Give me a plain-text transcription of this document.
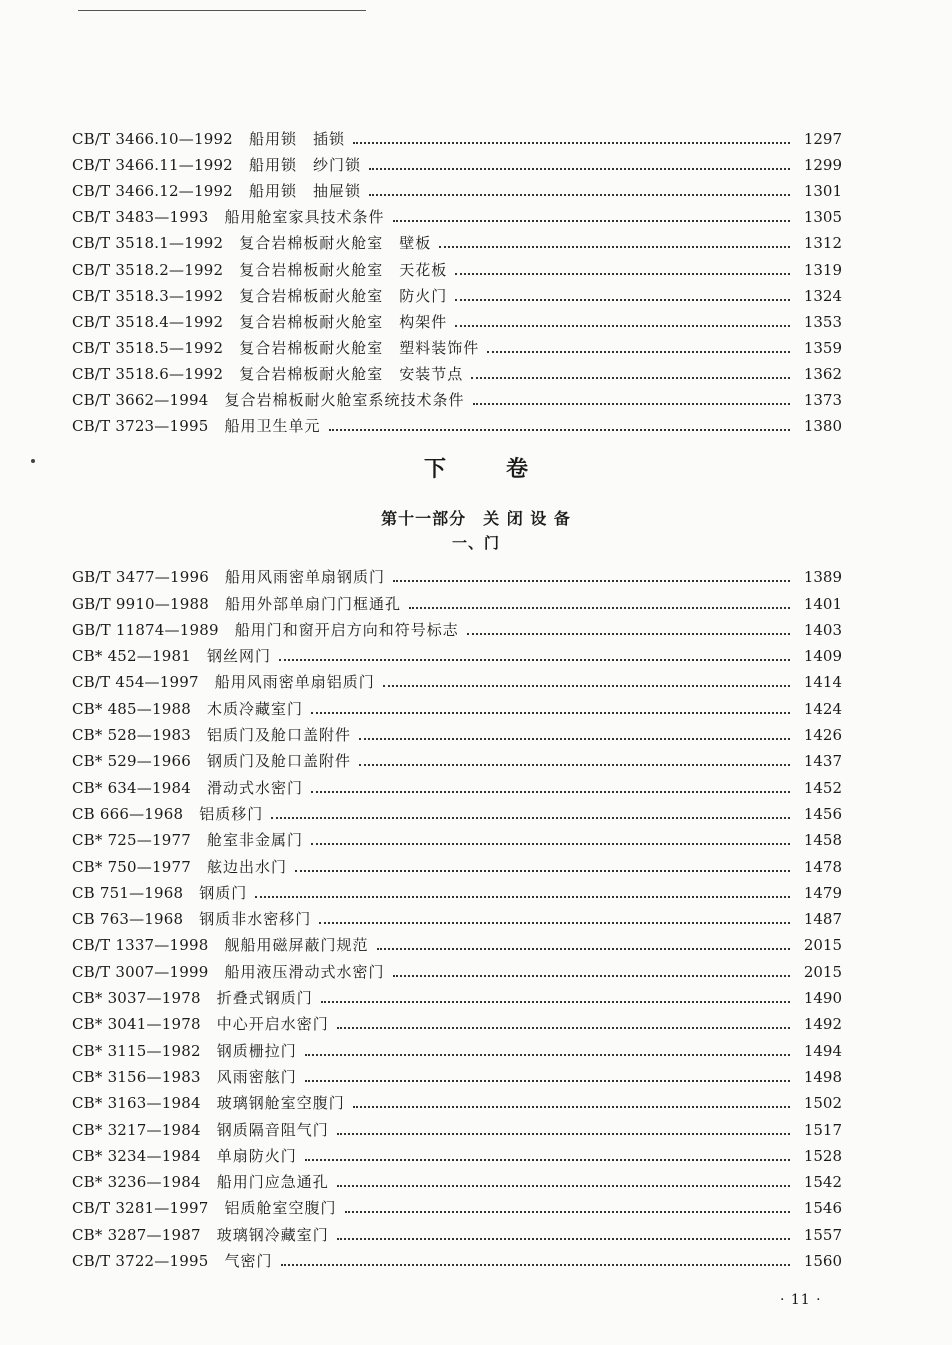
CB/T 3466.10—1992 船用锁　插锁	1297
CB/T 3466.11—1992 船用锁　纱门锁	1299
CB/T 3466.12—1992 船用锁　抽屉锁	1301
CB/T 3483—1993 船用舱室家具技术条件	1305
CB/T 3518.1—1992 复合岩棉板耐火舱室　壁板	1312
CB/T 3518.2—1992 复合岩棉板耐火舱室　天花板	1319
CB/T 3518.3—1992 复合岩棉板耐火舱室　防火门	1324
CB/T 3518.4—1992 复合岩棉板耐火舱室　构架件	1353
CB/T 3518.5—1992 复合岩棉板耐火舱室　塑料装饰件	1359
CB/T 3518.6—1992 复合岩棉板耐火舱室　安装节点	1362
CB/T 3662—1994 复合岩棉板耐火舱室系统技术条件	1373
CB/T 3723—1995 船用卫生单元	1380
下卷
第十一部分　关 闭 设 备
一、门
GB/T 3477—1996 船用风雨密单扇钢质门	1389
GB/T 9910—1988 船用外部单扇门门框通孔	1401
GB/T 11874—1989 船用门和窗开启方向和符号标志	1403
CB* 452—1981 钢丝网门	1409
CB/T 454—1997 船用风雨密单扇铝质门	1414
CB* 485—1988 木质冷藏室门	1424
CB* 528—1983 铝质门及舱口盖附件	1426
CB* 529—1966 钢质门及舱口盖附件	1437
CB* 634—1984 滑动式水密门	1452
CB 666—1968 铝质移门	1456
CB* 725—1977 舱室非金属门	1458
CB* 750—1977 舷边出水门	1478
CB 751—1968 钢质门	1479
CB 763—1968 钢质非水密移门	1487
CB/T 1337—1998 舰船用磁屏蔽门规范	2015
CB/T 3007—1999 船用液压滑动式水密门	2015
CB* 3037—1978 折叠式钢质门	1490
CB* 3041—1978 中心开启水密门	1492
CB* 3115—1982 钢质栅拉门	1494
CB* 3156—1983 风雨密舷门	1498
CB* 3163—1984 玻璃钢舱室空腹门	1502
CB* 3217—1984 钢质隔音阻气门	1517
CB* 3234—1984 单扇防火门	1528
CB* 3236—1984 船用门应急通孔	1542
CB/T 3281—1997 铝质舱室空腹门	1546
CB* 3287—1987 玻璃钢冷藏室门	1557
CB/T 3722—1995 气密门	1560
· 11 ·
